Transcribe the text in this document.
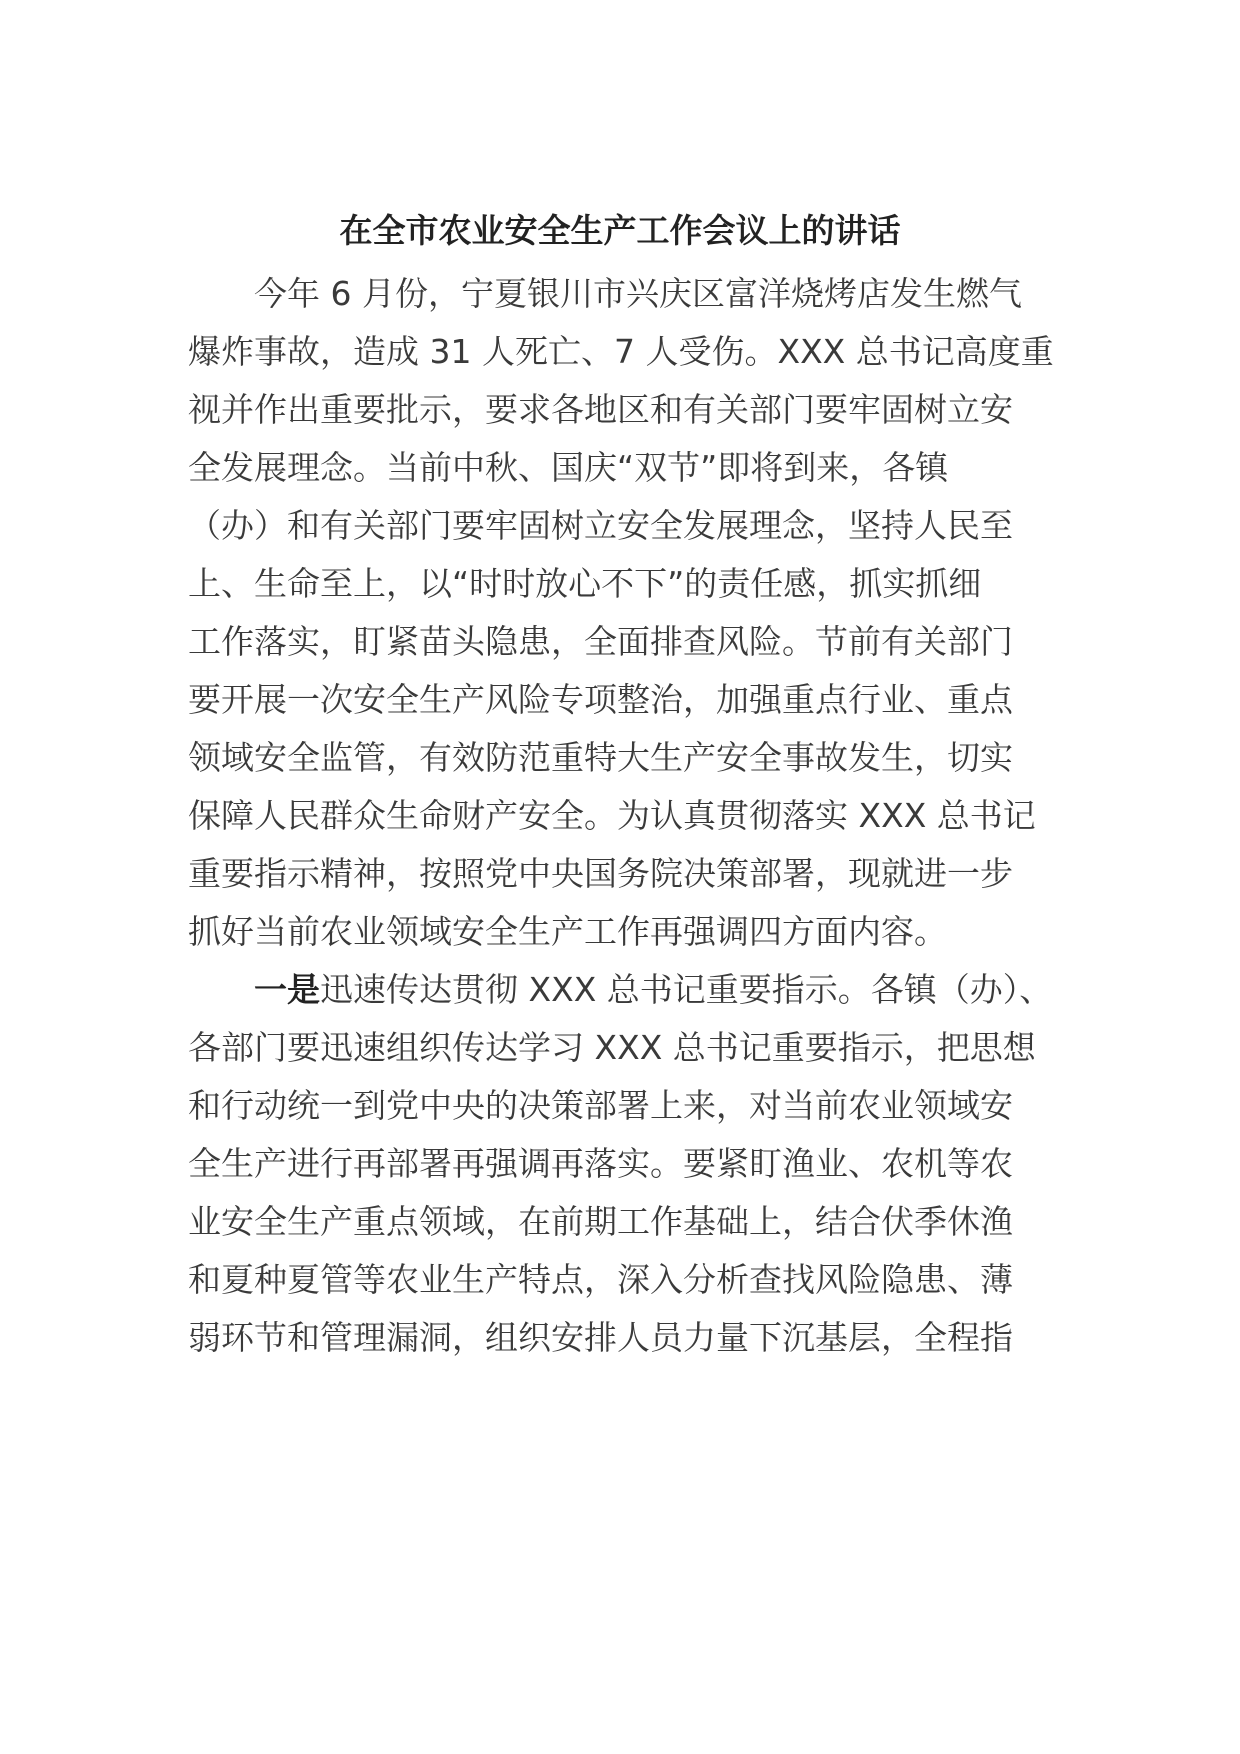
在全市农业安全生产工作会议上的讲话
今年 6 月份，宁夏银川市兴庆区富洋烧烤店发生燃气
爆炸事故，造成 31 人死亡、7 人受伤。XXX 总书记高度重
视并作出重要批示，要求各地区和有关部门要牢固树立安
全发展理念。当前中秋、国庆“双节”即将到来，各镇
（办）和有关部门要牢固树立安全发展理念，坚持人民至
上、生命至上，以“时时放心不下”的责任感，抓实抓细
工作落实，盯紧苗头隐患，全面排查风险。节前有关部门
要开展一次安全生产风险专项整治，加强重点行业、重点
领域安全监管，有效防范重特大生产安全事故发生，切实
保障人民群众生命财产安全。为认真贯彻落实 XXX 总书记
重要指示精神，按照党中央国务院决策部署，现就进一步
抓好当前农业领域安全生产工作再强调四方面内容。
一是迅速传达贯彻 XXX 总书记重要指示。各镇（办）、
各部门要迅速组织传达学习 XXX 总书记重要指示，把思想
和行动统一到党中央的决策部署上来，对当前农业领域安
全生产进行再部署再强调再落实。要紧盯渔业、农机等农
业安全生产重点领域，在前期工作基础上，结合伏季休渔
和夏种夏管等农业生产特点，深入分析查找风险隐患、薄
弱环节和管理漏洞，组织安排人员力量下沉基层，全程指
